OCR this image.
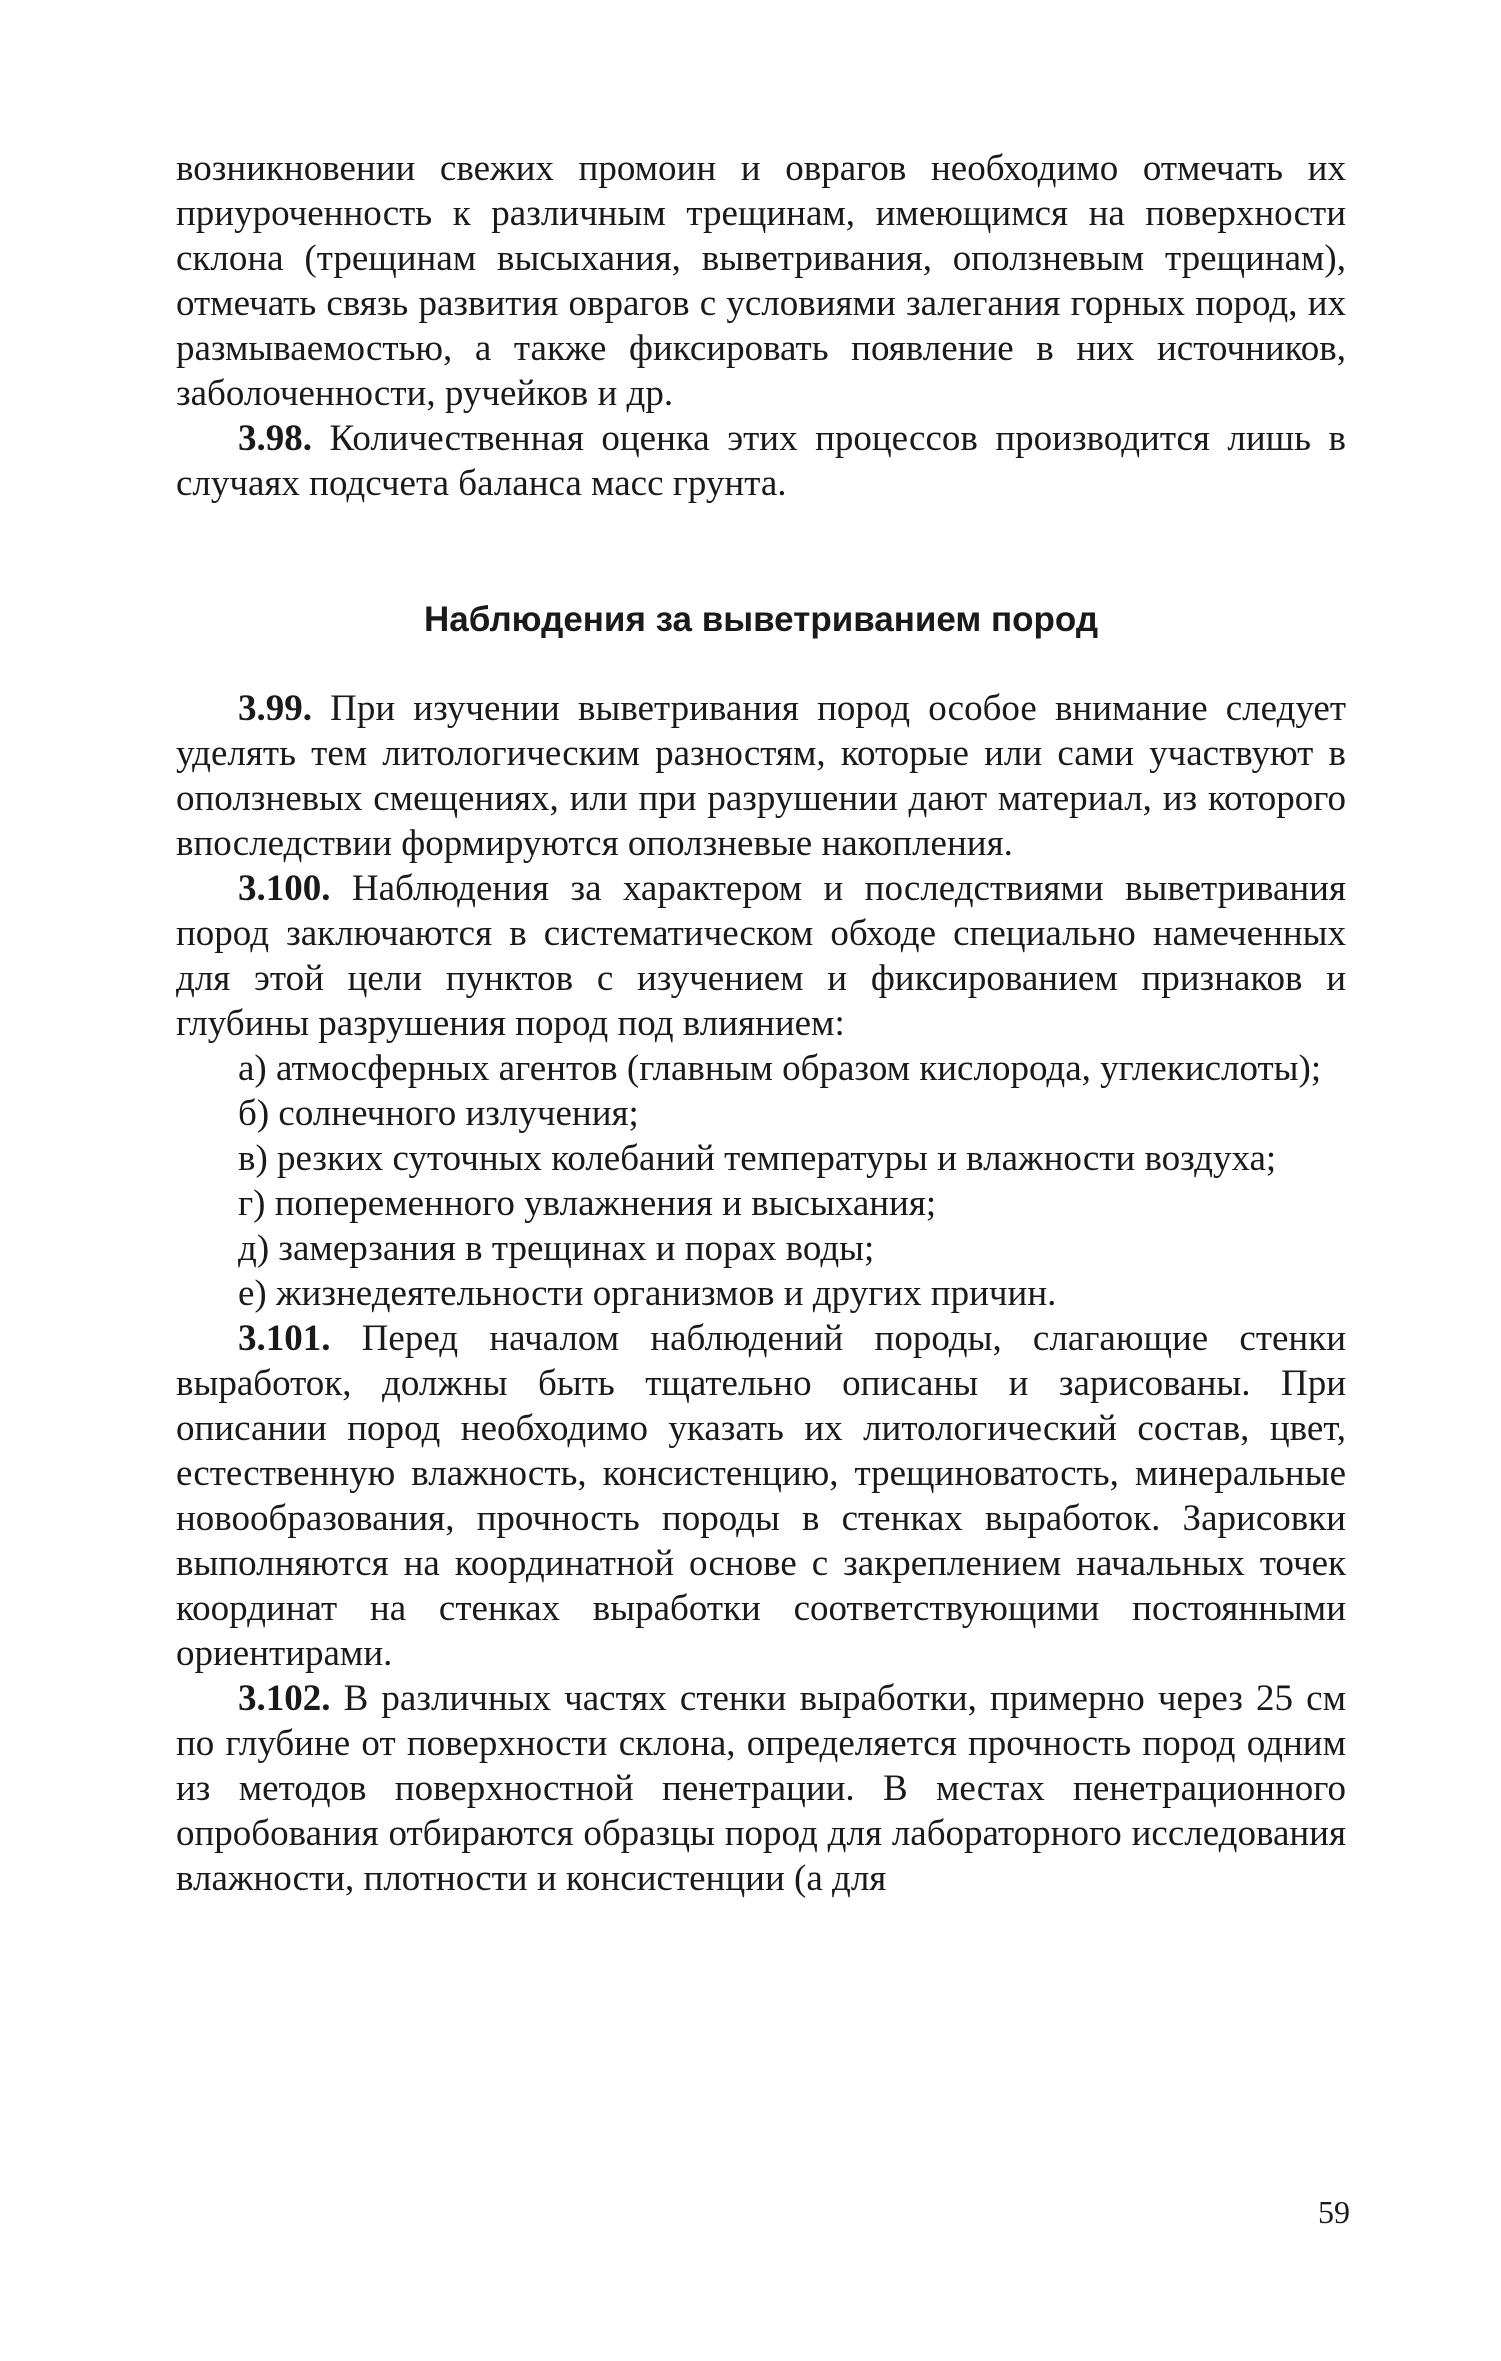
возникновении свежих промоин и оврагов необходимо отмечать их приуроченность к различным трещинам, имеющимся на поверхности склона (трещинам высыхания, выветривания, оползневым трещинам), отмечать связь развития оврагов с условиями залегания горных пород, их размываемостью, а также фиксировать появление в них источников, заболоченности, ручейков и др.

3.98. Количественная оценка этих процессов производится лишь в случаях подсчета баланса масс грунта.

Наблюдения за выветриванием пород

3.99. При изучении выветривания пород особое внимание следует уделять тем литологическим разностям, которые или сами участвуют в оползневых смещениях, или при разрушении дают материал, из которого впоследствии формируются оползневые накопления.

3.100. Наблюдения за характером и последствиями выветривания пород заключаются в систематическом обходе специально намеченных для этой цели пунктов с изучением и фиксированием признаков и глубины разрушения пород под влиянием:

а) атмосферных агентов (главным образом кислорода, углекислоты);

б) солнечного излучения;

в) резких суточных колебаний температуры и влажности воздуха;

г) попеременного увлажнения и высыхания;

д) замерзания в трещинах и порах воды;

е) жизнедеятельности организмов и других причин.

3.101. Перед началом наблюдений породы, слагающие стенки выработок, должны быть тщательно описаны и зарисованы. При описании пород необходимо указать их литологический состав, цвет, естественную влажность, консистенцию, трещиноватость, минеральные новообразования, прочность породы в стенках выработок. Зарисовки выполняются на координатной основе с закреплением начальных точек координат на стенках выработки соответствующими постоянными ориентирами.

3.102. В различных частях стенки выработки, примерно через 25 см по глубине от поверхности склона, определяется прочность пород одним из методов поверхностной пенетрации. В местах пенетрационного опробования отбираются образцы пород для лабораторного исследования влажности, плотности и консистенции (а для

59
